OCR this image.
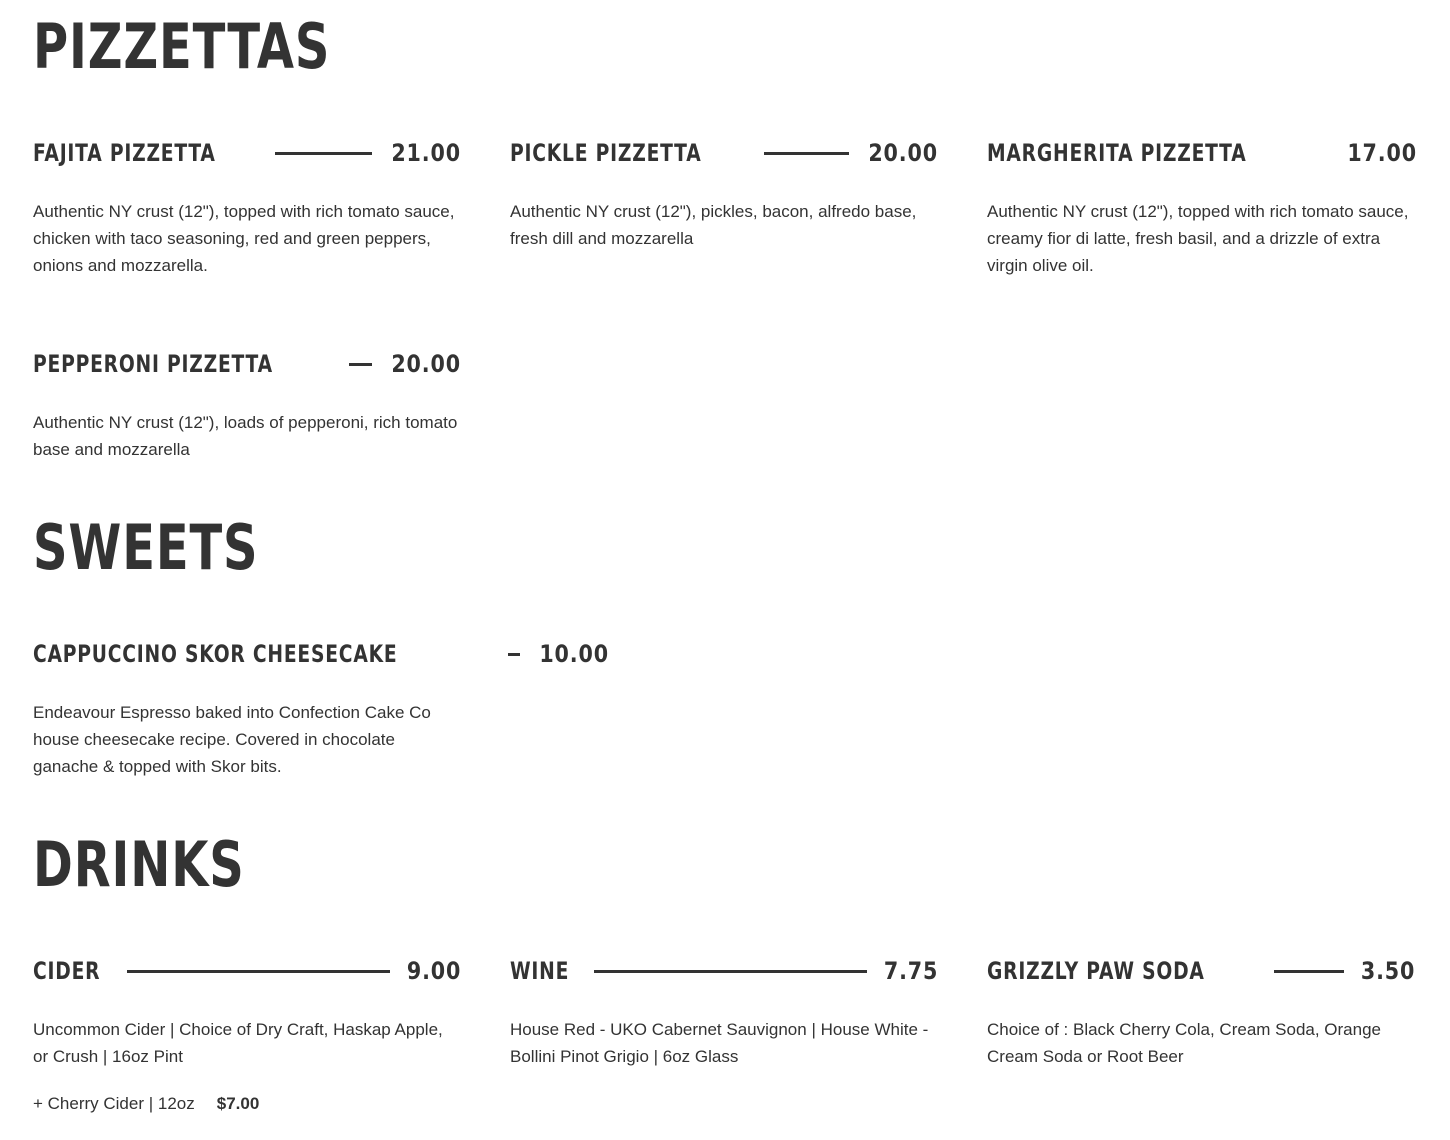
PIZZETTAS
FAJITA PIZZETTA	21.00
Authentic NY crust (12"), topped with rich tomato sauce, chicken with taco seasoning, red and green peppers, onions and mozzarella.
PICKLE PIZZETTA	20.00
Authentic NY crust (12"), pickles, bacon, alfredo base, fresh dill and mozzarella
MARGHERITA PIZZETTA	17.00
Authentic NY crust (12"), topped with rich tomato sauce, creamy fior di latte, fresh basil, and a drizzle of extra virgin olive oil.
PEPPERONI PIZZETTA	20.00
Authentic NY crust (12"), loads of pepperoni, rich tomato base and mozzarella
SWEETS
CAPPUCCINO SKOR CHEESECAKE	10.00
Endeavour Espresso baked into Confection Cake Co house cheesecake recipe. Covered in chocolate ganache & topped with Skor bits.
DRINKS
CIDER	9.00
Uncommon Cider | Choice of Dry Craft, Haskap Apple, or Crush | 16oz Pint
+ Cherry Cider | 12oz $7.00
WINE	7.75
House Red - UKO Cabernet Sauvignon | House White - Bollini Pinot Grigio | 6oz Glass
GRIZZLY PAW SODA	3.50
Choice of : Black Cherry Cola, Cream Soda, Orange Cream Soda or Root Beer
